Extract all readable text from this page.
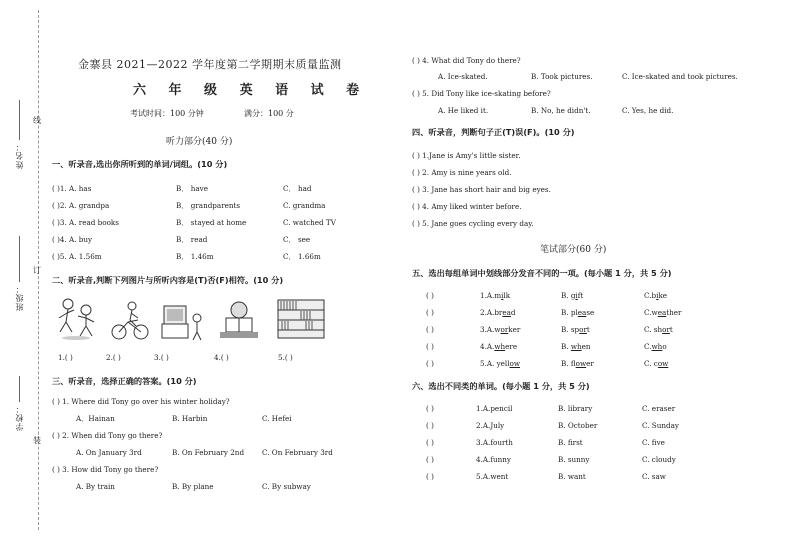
姓名：
班级：
学校：
线
订
装
金寨县 2021—2022 学年度第二学期期末质量监测
六 年 级 英 语 试 卷
考试时间：100 分钟	满分：100 分
听力部分(40 分)
一、听录音,选出你所听到的单词/词组。(10 分)
( )1. A. has	B． have	C． had
( )2. A. grandpa	B． grandparents	C. grandma
( )3. A. read books	B． stayed at home	C. watched TV
( )4. A. buy	B． read	C． see
( )5. A. 1.56m	B． 1.46m	C． 1.66m
二、听录音,判断下列图片与所听内容是(T)否(F)相符。(10 分)
1.( )	2.( )	3.( )	4.( )	5.( )
三、听录音，选择正确的答案。(10 分)
( ) 1. Where did Tony go over his winter holiday?
A．Hainan	B. Harbin	C. Hefei
( ) 2. When did Tony go there?
A. On January 3rd	B. On February 2nd C. On February 3rd
( ) 3. How did Tony go there?
A. By train	B. By plane	C. By subway
( ) 4. What did Tony do there?
A. Ice-skated.	B. Took pictures.	C. Ice-skated and took pictures.
( ) 5. Did Tony like ice-skating before?
A. He liked it.	B. No, he didn't.	C. Yes, he did.
四、听录音，判断句子正(T)误(F)。(10 分)
( ) 1.Jane is Amy's little sister.
( ) 2. Amy is nine years old.
( ) 3. Jane has short hair and big eyes.
( ) 4. Amy liked winter before.
( ) 5. Jane goes cycling every day.
笔试部分(60 分)
五、选出每组单词中划线部分发音不同的一项。(每小题 1 分，共 5 分)
( )	1.A.milk	B. gift	C.bike
( )	2.A.bread	B. please	C.weather
( )	3.A.worker	B. sport	C. short
( )	4.A.where	B. when	C.who
( )	5.A. yellow	B. flower	C. cow
六、选出不同类的单词。(每小题 1 分，共 5 分)
( )	1.A.pencil	B. library	C. eraser
( )	2.A.July	B. October	C. Sunday
( )	3.A.fourth	B. first	C. five
( )	4.A.funny	B. sunny	C. cloudy
( )	5.A.went	B. want	C. saw
